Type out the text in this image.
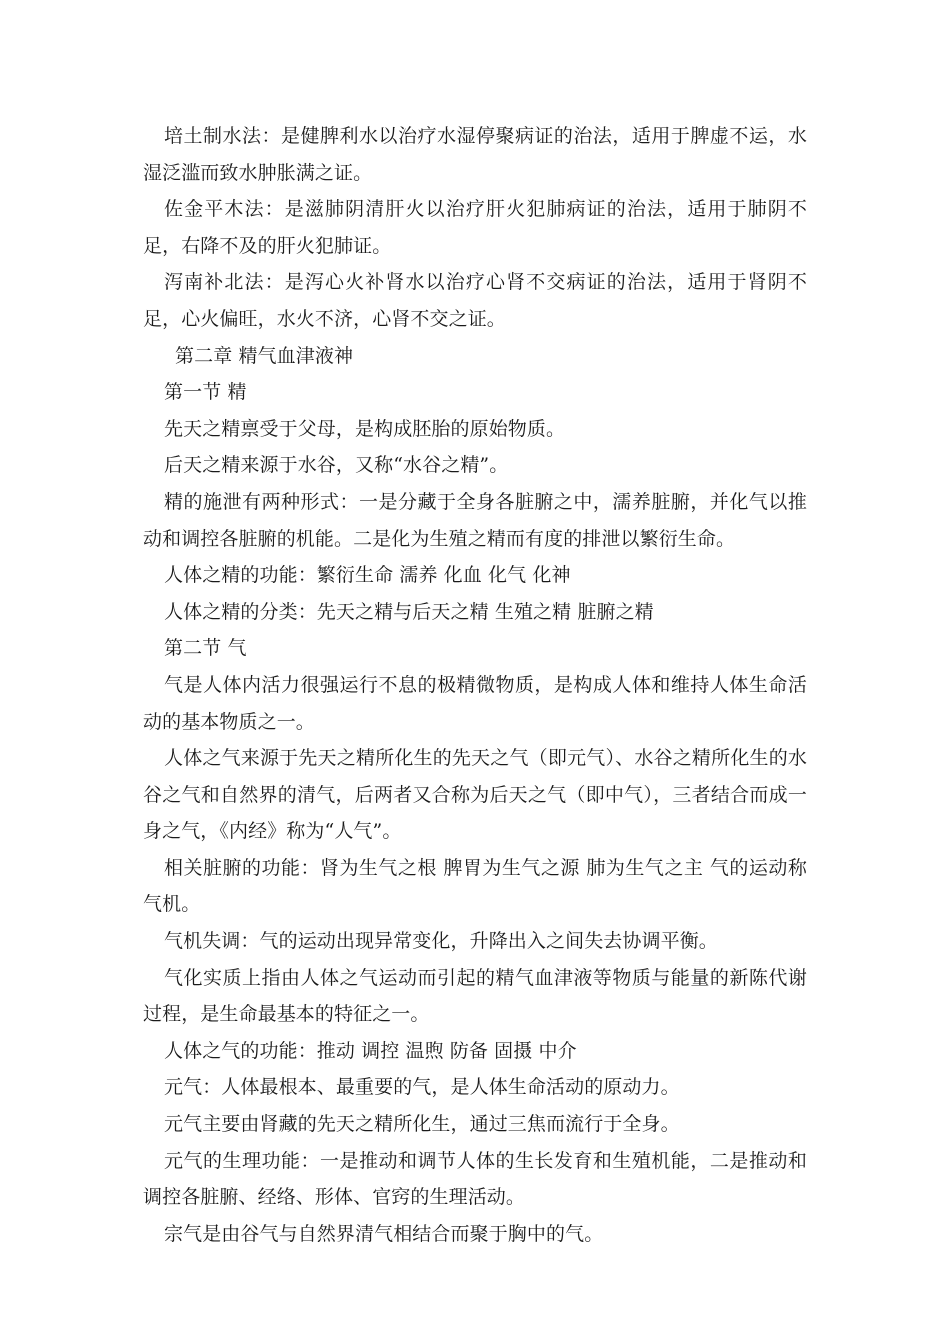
培土制水法：是健脾利水以治疗水湿停聚病证的治法，适用于脾虚不运，水湿泛滥而致水肿胀满之证。

佐金平木法：是滋肺阴清肝火以治疗肝火犯肺病证的治法，适用于肺阴不足，右降不及的肝火犯肺证。

泻南补北法：是泻心火补肾水以治疗心肾不交病证的治法，适用于肾阴不足，心火偏旺，水火不济，心肾不交之证。

第二章 精气血津液神

第一节 精

先天之精禀受于父母，是构成胚胎的原始物质。

后天之精来源于水谷，又称“水谷之精”。

精的施泄有两种形式：一是分藏于全身各脏腑之中，濡养脏腑，并化气以推动和调控各脏腑的机能。二是化为生殖之精而有度的排泄以繁衍生命。

人体之精的功能：繁衍生命 濡养 化血 化气 化神

人体之精的分类：先天之精与后天之精 生殖之精 脏腑之精

第二节 气

气是人体内活力很强运行不息的极精微物质，是构成人体和维持人体生命活动的基本物质之一。

人体之气来源于先天之精所化生的先天之气（即元气）、水谷之精所化生的水谷之气和自然界的清气，后两者又合称为后天之气（即中气），三者结合而成一身之气，《内经》称为“人气”。

相关脏腑的功能：肾为生气之根 脾胃为生气之源 肺为生气之主 气的运动称气机。

气机失调：气的运动出现异常变化，升降出入之间失去协调平衡。

气化实质上指由人体之气运动而引起的精气血津液等物质与能量的新陈代谢过程，是生命最基本的特征之一。

人体之气的功能：推动 调控 温煦 防备 固摄 中介

元气：人体最根本、最重要的气，是人体生命活动的原动力。

元气主要由肾藏的先天之精所化生，通过三焦而流行于全身。

元气的生理功能：一是推动和调节人体的生长发育和生殖机能，二是推动和调控各脏腑、经络、形体、官窍的生理活动。

宗气是由谷气与自然界清气相结合而聚于胸中的气。
